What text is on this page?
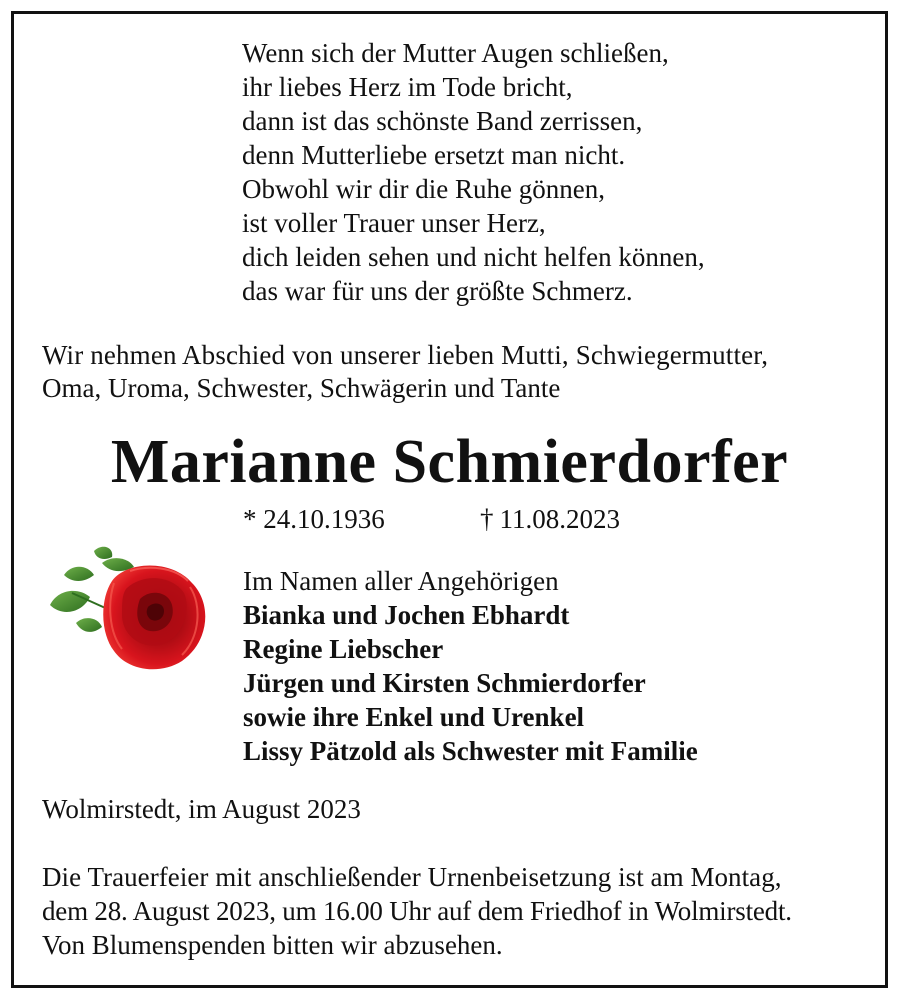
Wenn sich der Mutter Augen schließen,
ihr liebes Herz im Tode bricht,
dann ist das schönste Band zerrissen,
denn Mutterliebe ersetzt man nicht.
Obwohl wir dir die Ruhe gönnen,
ist voller Trauer unser Herz,
dich leiden sehen und nicht helfen können,
das war für uns der größte Schmerz.
Wir nehmen Abschied von unserer lieben Mutti, Schwiegermutter,
Oma, Uroma, Schwester, Schwägerin und Tante
Marianne Schmierdorfer
* 24.10.1936	† 11.08.2023
Im Namen aller Angehörigen
Bianka und Jochen Ebhardt
Regine Liebscher
Jürgen und Kirsten Schmierdorfer
sowie ihre Enkel und Urenkel
Lissy Pätzold als Schwester mit Familie
Wolmirstedt, im August 2023
Die Trauerfeier mit anschließender Urnenbeisetzung ist am Montag,
dem 28. August 2023, um 16.00 Uhr auf dem Friedhof in Wolmirstedt.
Von Blumenspenden bitten wir abzusehen.
